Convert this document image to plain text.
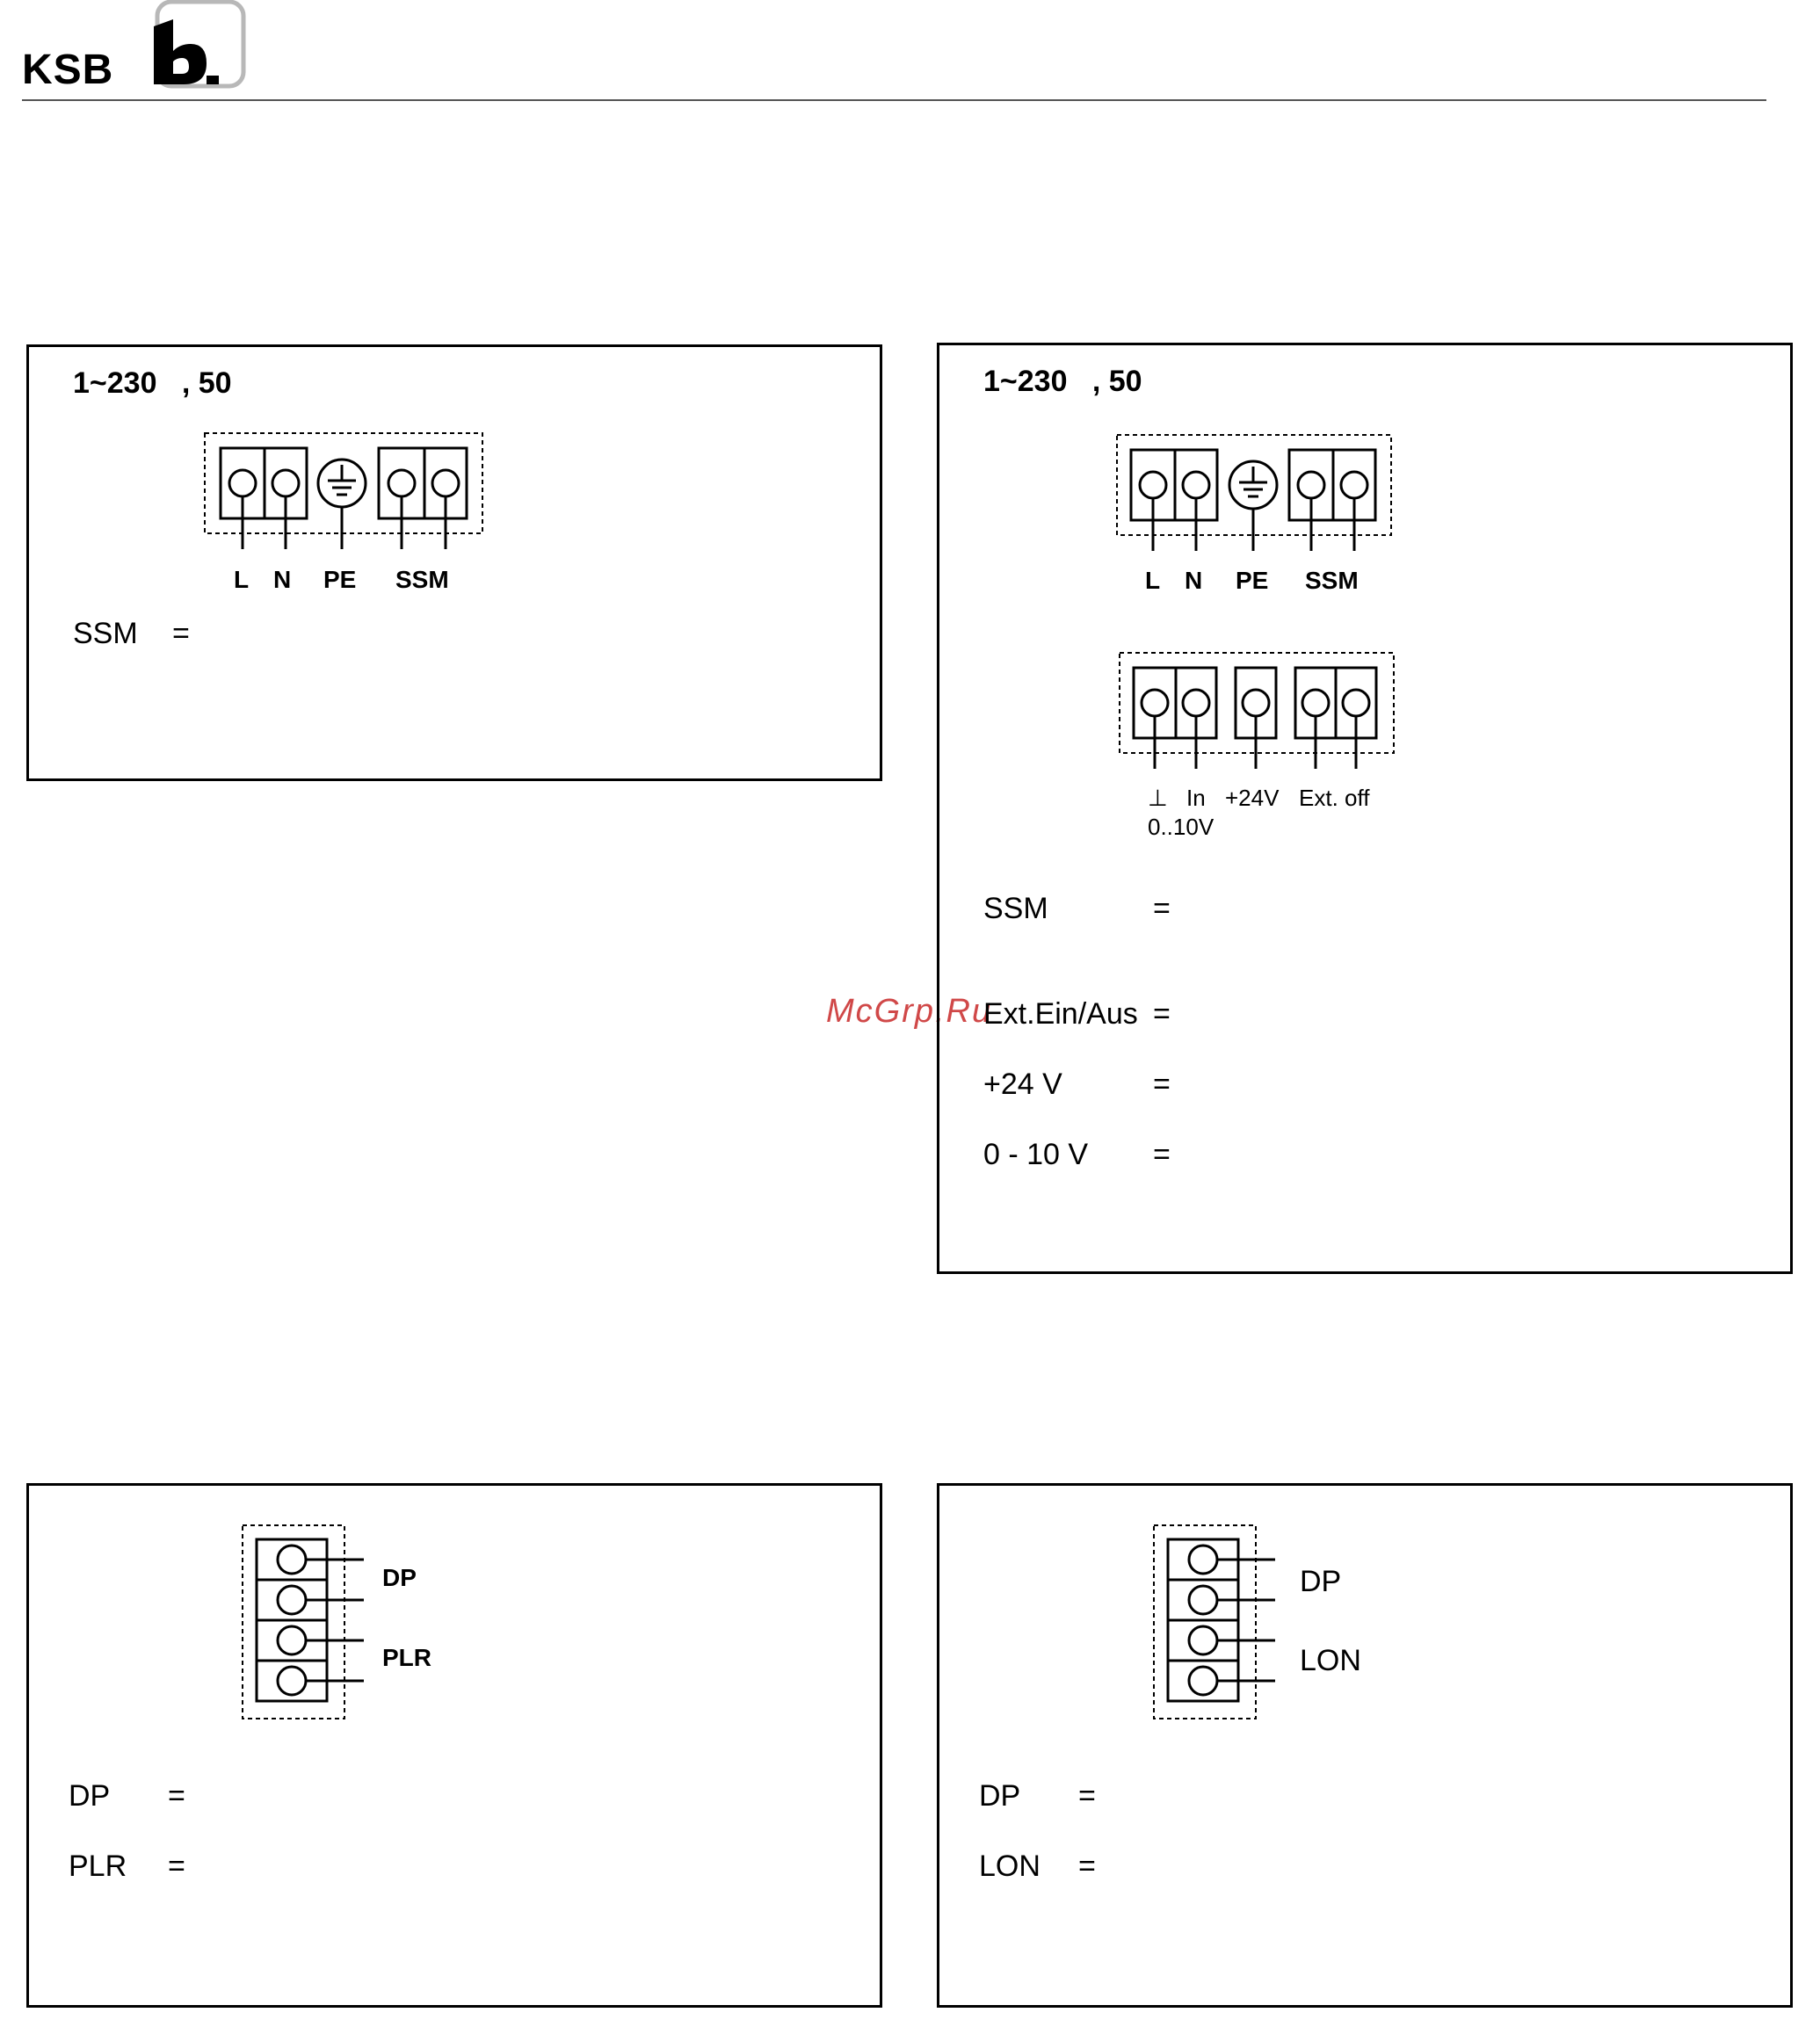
KSB
McGrp.Ru
1~230   , 50
L N PE SSM
SSM =
1~230   , 50
L N PE SSM
⊥ In +24V Ext. off
0..10V
SSM	=
Ext.Ein/Aus =
+24 V	=
0 - 10 V =
DP
PLR
DP =
PLR =
DP
LON
DP =
LON =
